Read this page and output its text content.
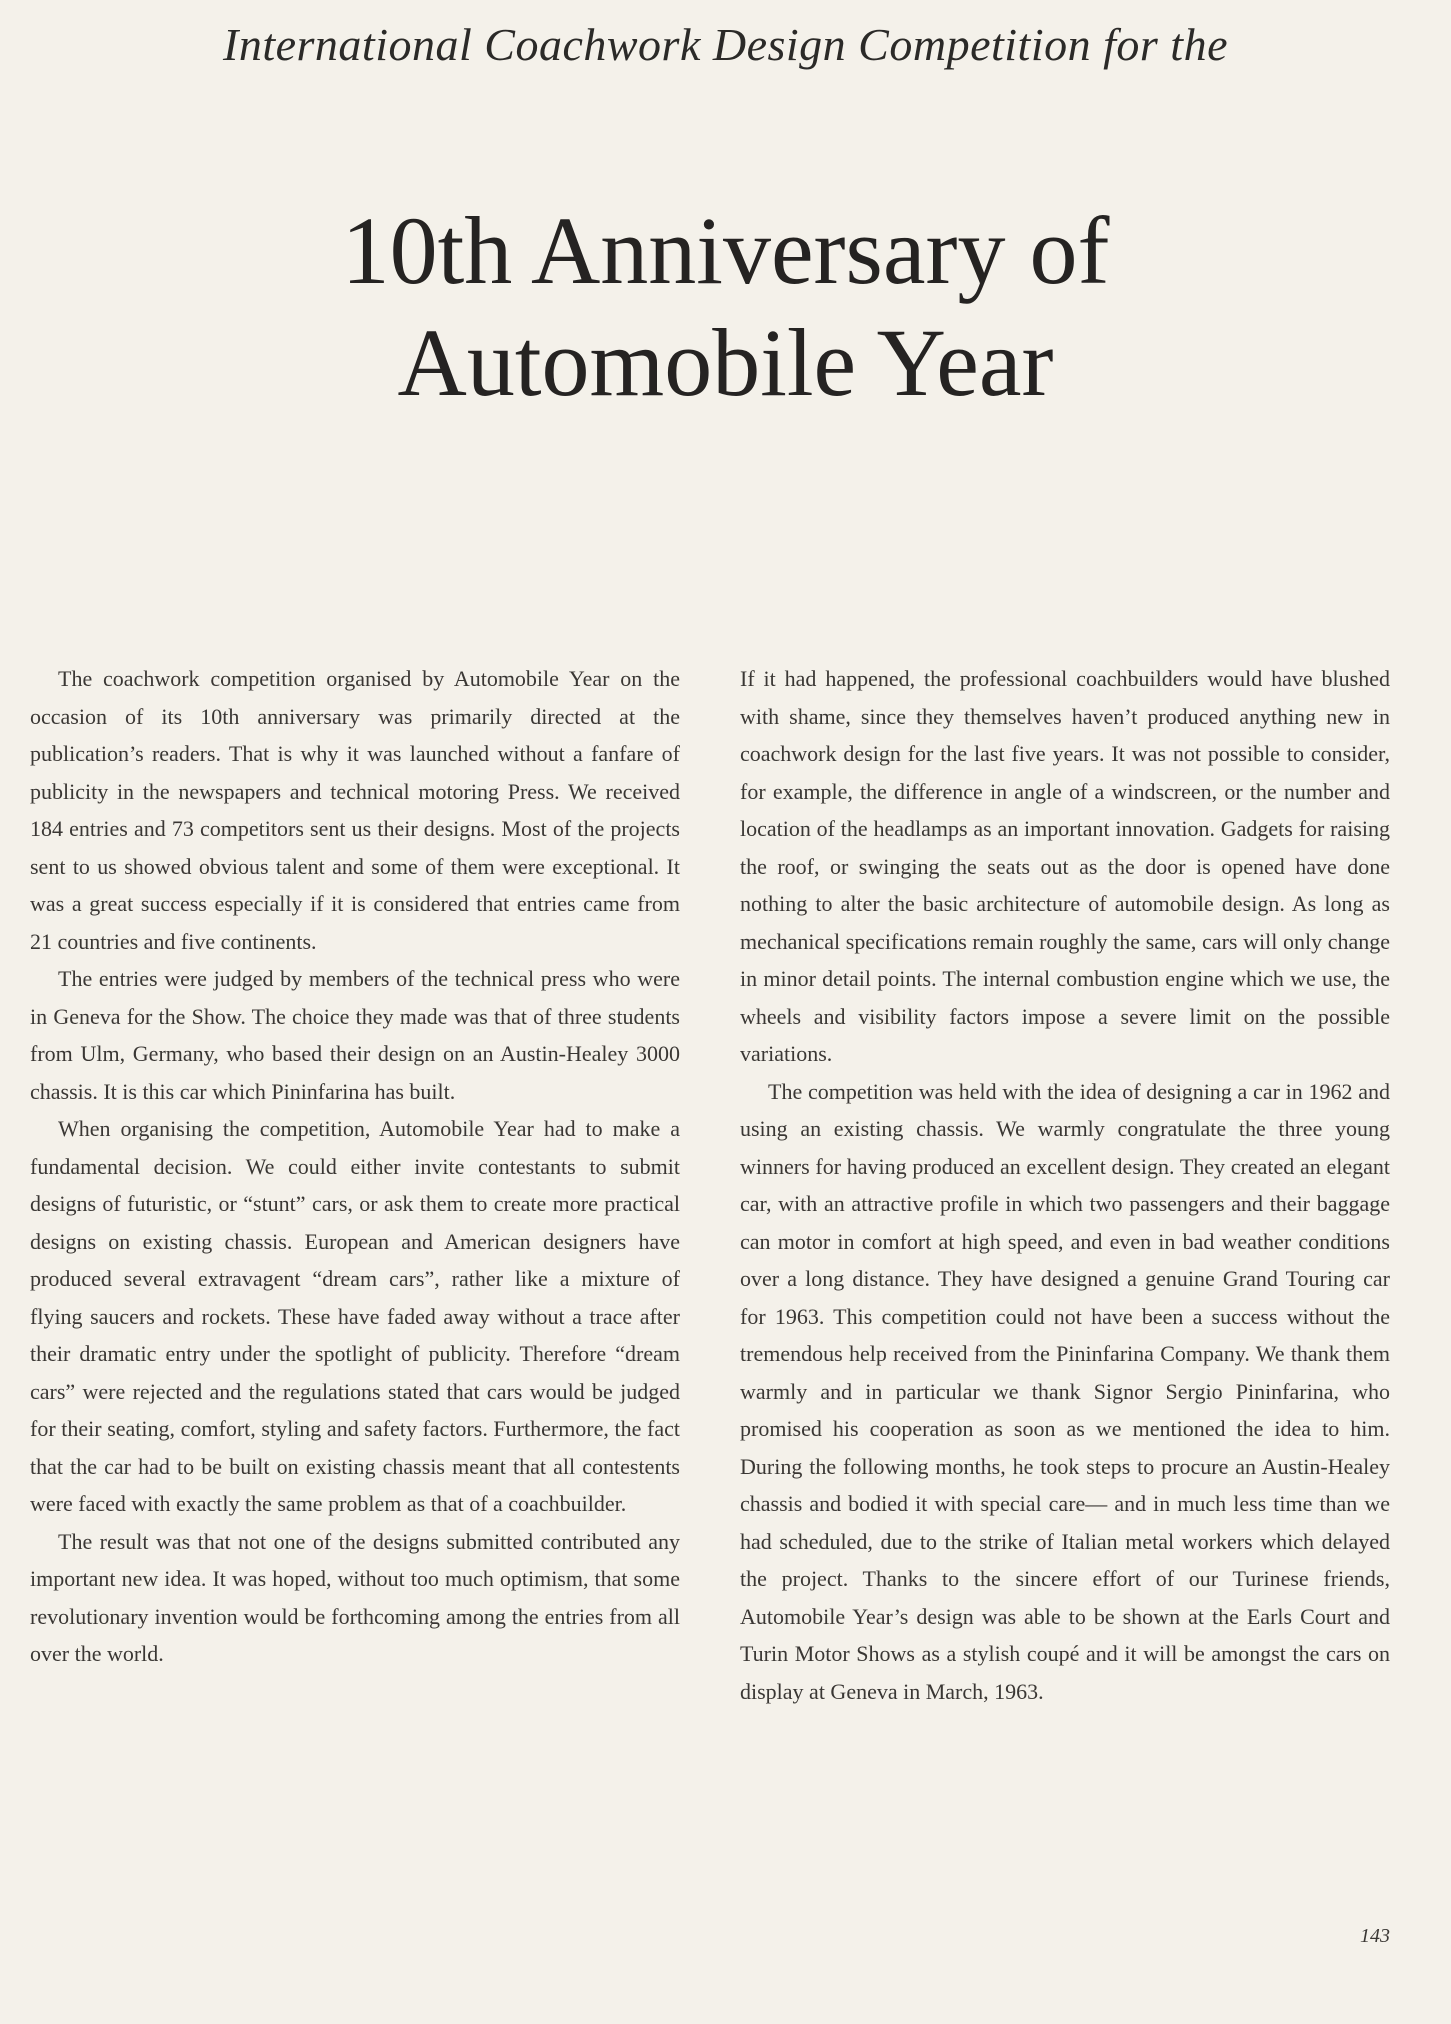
International Coachwork Design Competition for the
10th Anniversary of
Automobile Year

The coachwork competition organised by Automobile Year on the occasion of its 10th anniversary was primarily directed at the publication’s readers. That is why it was launched without a fanfare of publicity in the newspapers and technical motoring Press. We received 184 entries and 73 competitors sent us their designs. Most of the projects sent to us showed obvious talent and some of them were exceptional. It was a great success especially if it is considered that entries came from 21 countries and five continents.

The entries were judged by members of the technical press who were in Geneva for the Show. The choice they made was that of three students from Ulm, Germany, who based their design on an Austin-Healey 3000 chassis. It is this car which Pininfarina has built.

When organising the competition, Automobile Year had to make a fundamental decision. We could either invite contestants to submit designs of futuristic, or “stunt” cars, or ask them to create more practical designs on existing chassis. European and American designers have produced several extravagent “dream cars”, rather like a mixture of flying saucers and rockets. These have faded away without a trace after their dramatic entry under the spotlight of publicity. Therefore “dream cars” were rejected and the regulations stated that cars would be judged for their seating, comfort, styling and safety factors. Furthermore, the fact that the car had to be built on existing chassis meant that all contestents were faced with exactly the same problem as that of a coachbuilder.

The result was that not one of the designs submitted contributed any important new idea. It was hoped, without too much optimism, that some revolutionary invention would be forthcoming among the entries from all over the world.

If it had happened, the professional coachbuilders would have blushed with shame, since they themselves haven’t produced anything new in coachwork design for the last five years. It was not possible to consider, for example, the difference in angle of a windscreen, or the number and location of the headlamps as an important innovation. Gadgets for raising the roof, or swinging the seats out as the door is opened have done nothing to alter the basic architecture of automobile design. As long as mechanical specifications remain roughly the same, cars will only change in minor detail points. The internal combustion engine which we use, the wheels and visibility factors impose a severe limit on the possible variations.

The competition was held with the idea of designing a car in 1962 and using an existing chassis. We warmly congratulate the three young winners for having produced an excellent design. They created an elegant car, with an attractive profile in which two passengers and their baggage can motor in comfort at high speed, and even in bad weather conditions over a long distance. They have designed a genuine Grand Touring car for 1963. This competition could not have been a success without the tremendous help received from the Pininfarina Company. We thank them warmly and in particular we thank Signor Sergio Pininfarina, who promised his cooperation as soon as we mentioned the idea to him. During the following months, he took steps to procure an Austin-Healey chassis and bodied it with special care— and in much less time than we had scheduled, due to the strike of Italian metal workers which delayed the project. Thanks to the sincere effort of our Turinese friends, Automobile Year’s design was able to be shown at the Earls Court and Turin Motor Shows as a stylish coupé and it will be amongst the cars on display at Geneva in March, 1963.

143
